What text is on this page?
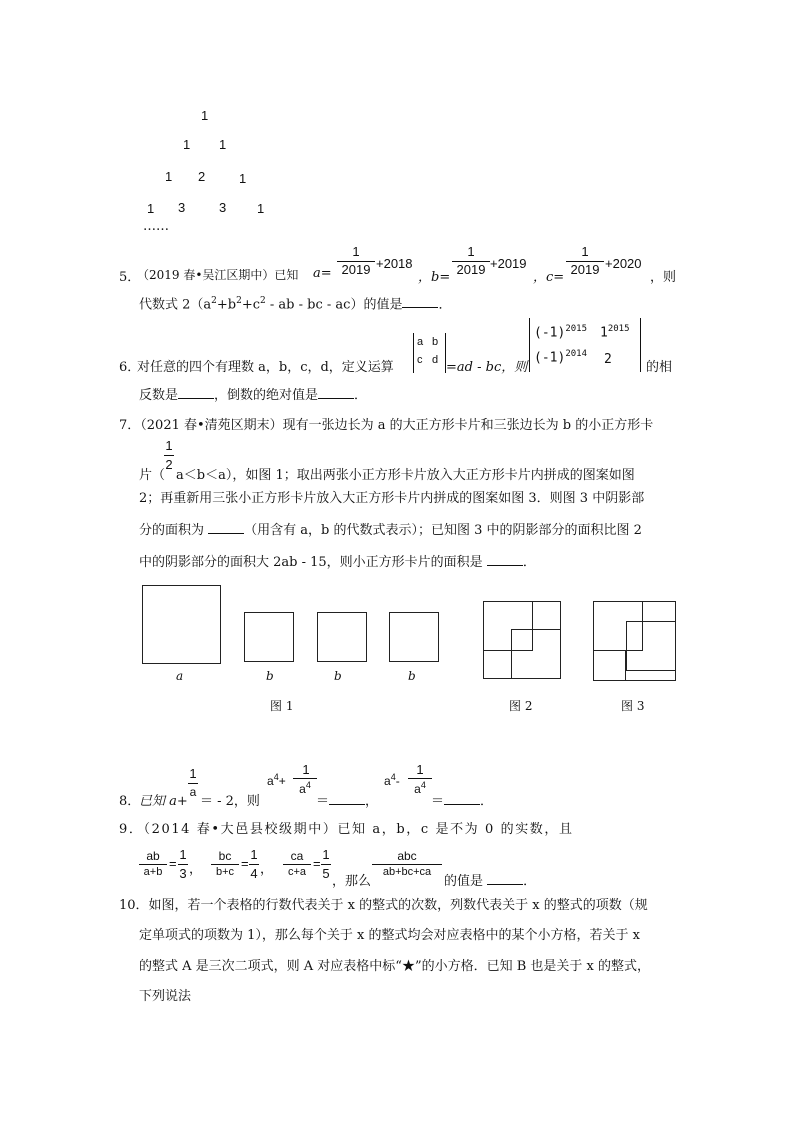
1
1 1
1 2	1
1 3	3 1
……
5．
（2019 春•吴江区期中）已知 a=
1
2019 +2018
，b=
1
2019 +2019
，c=
1
2019 +2020
，则
代数式 $2(a^2+b^2+c^2$ - ab - bc - ac）的值是	．
6．
对任意的四个有理数 a，b，c，d，定义运算
a b
c d =ad - bc，则
$(-1)^{2015}$ $1^{2015}$
$(-1)^{2014}$ 2
的相
反数是	，倒数的绝对值是	．
7．（2021 春•清苑区期末）现有一张边长为 a 的大正方形卡片和三张边长为 b 的小正方形卡
1
2
片（ a＜b＜a），如图 1；取出两张小正方形卡片放入大正方形卡片内拼成的图案如图
2；再重新用三张小正方形卡片放入大正方形卡片内拼成的图案如图 3．则图 3 中阴影部
分的面积为	（用含有 a，b 的代数式表示）；已知图 3 中的阴影部分的面积比图 2
中的阴影部分的面积大 2ab - 15，则小正方形卡片的面积是	．
a	b	b	b
图 1	图 2	图 3
8．
已知 a+
1
a
＝ - 2，则
$a^4+$
1
$a^4$
＝	，
$a^4-$
1
$a^4$
＝	．
9．（2014 春•大邑县校级期中）已知 a，b，c 是不为 0 的实数，且
ab
a+b
=
1
3 ，
bc
b+c
=
1
4 ，
ca
c+a
=
1
5
，那么
abc
ab+bc+ca
的值是	．
10．如图，若一个表格的行数代表关于 x 的整式的次数，列数代表关于 x 的整式的项数（规
定单项式的项数为 1），那么每个关于 x 的整式均会对应表格中的某个小方格，若关于 x
的整式 A 是三次二项式，则 A 对应表格中标“★”的小方格．已知 B 也是关于 x 的整式，
下列说法
